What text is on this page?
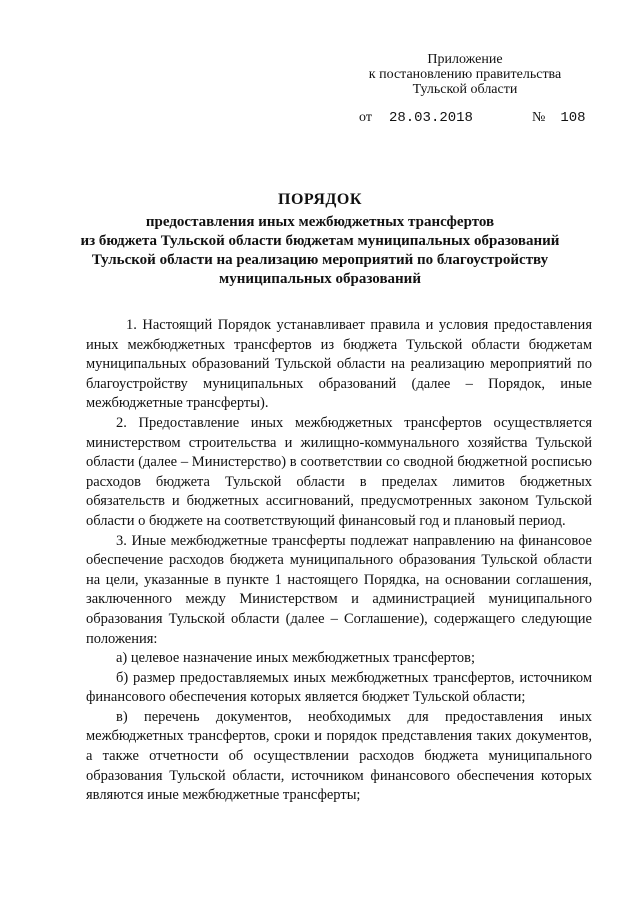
Приложение
к постановлению правительства
Тульской области
от 28.03.2018	№ 108
ПОРЯДОК
предоставления иных межбюджетных трансфертов
из бюджета Тульской области бюджетам муниципальных образований
Тульской области на реализацию мероприятий по благоустройству
муниципальных образований

1. Настоящий Порядок устанавливает правила и условия предоставления иных межбюджетных трансфертов из бюджета Тульской области бюджетам муниципальных образований Тульской области на реализацию мероприятий по благоустройству муниципальных образований (далее – Порядок, иные межбюджетные трансферты).

2. Предоставление иных межбюджетных трансфертов осуществляется министерством строительства и жилищно-коммунального хозяйства Тульской области (далее – Министерство) в соответствии со сводной бюджетной росписью расходов бюджета Тульской области в пределах лимитов бюджетных обязательств и бюджетных ассигнований, предусмотренных законом Тульской области о бюджете на соответствующий финансовый год и плановый период.

3. Иные межбюджетные трансферты подлежат направлению на финансовое обеспечение расходов бюджета муниципального образования Тульской области на цели, указанные в пункте 1 настоящего Порядка, на основании соглашения, заключенного между Министерством и администрацией муниципального образования Тульской области (далее – Соглашение), содержащего следующие положения:

а) целевое назначение иных межбюджетных трансфертов;

б) размер предоставляемых иных межбюджетных трансфертов, источником финансового обеспечения которых является бюджет Тульской области;

в) перечень документов, необходимых для предоставления иных межбюджетных трансфертов, сроки и порядок представления таких документов, а также отчетности об осуществлении расходов бюджета муниципального образования Тульской области, источником финансового обеспечения которых являются иные межбюджетные трансферты;
